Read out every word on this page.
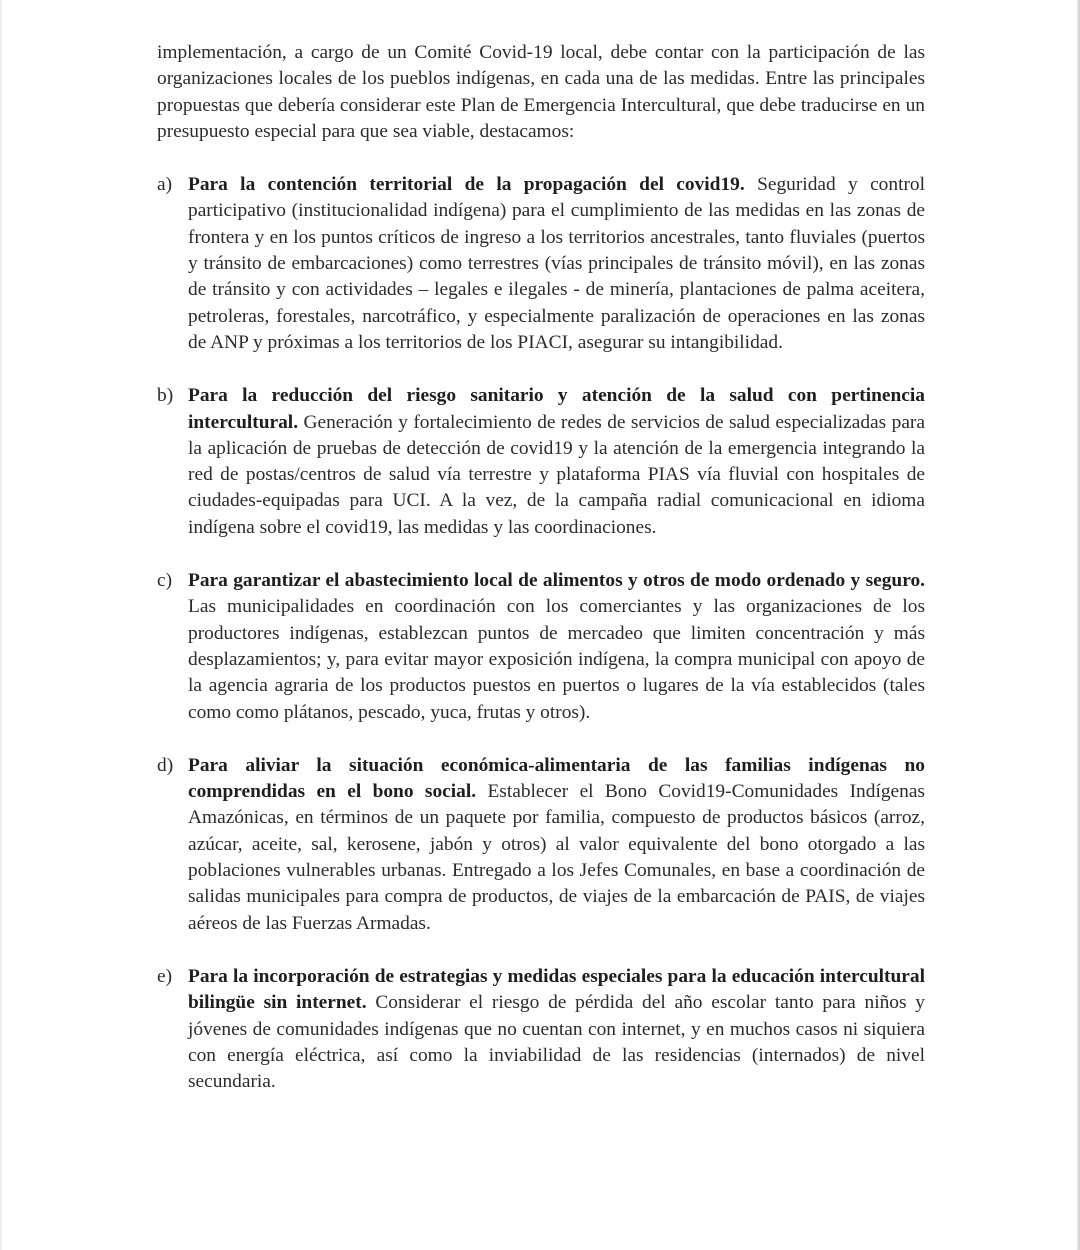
implementación, a cargo de un Comité Covid-19 local, debe contar con la participación de las organizaciones locales de los pueblos indígenas, en cada una de las medidas. Entre las principales propuestas que debería considerar este Plan de Emergencia Intercultural, que debe traducirse en un presupuesto especial para que sea viable, destacamos:

a) Para la contención territorial de la propagación del covid19. Seguridad y control participativo (institucionalidad indígena) para el cumplimiento de las medidas en las zonas de frontera y en los puntos críticos de ingreso a los territorios ancestrales, tanto fluviales (puertos y tránsito de embarcaciones) como terrestres (vías principales de tránsito móvil), en las zonas de tránsito y con actividades – legales e ilegales - de minería, plantaciones de palma aceitera, petroleras, forestales, narcotráfico, y especialmente paralización de operaciones en las zonas de ANP y próximas a los territorios de los PIACI, asegurar su intangibilidad.
b) Para la reducción del riesgo sanitario y atención de la salud con pertinencia intercultural. Generación y fortalecimiento de redes de servicios de salud especializadas para la aplicación de pruebas de detección de covid19 y la atención de la emergencia integrando la red de postas/centros de salud vía terrestre y plataforma PIAS vía fluvial con hospitales de ciudades-equipadas para UCI. A la vez, de la campaña radial comunicacional en idioma indígena sobre el covid19, las medidas y las coordinaciones.
c) Para garantizar el abastecimiento local de alimentos y otros de modo ordenado y seguro. Las municipalidades en coordinación con los comerciantes y las organizaciones de los productores indígenas, establezcan puntos de mercadeo que limiten concentración y más desplazamientos; y, para evitar mayor exposición indígena, la compra municipal con apoyo de la agencia agraria de los productos puestos en puertos o lugares de la vía establecidos (tales como como plátanos, pescado, yuca, frutas y otros).
d) Para aliviar la situación económica-alimentaria de las familias indígenas no comprendidas en el bono social. Establecer el Bono Covid19-Comunidades Indígenas Amazónicas, en términos de un paquete por familia, compuesto de productos básicos (arroz, azúcar, aceite, sal, kerosene, jabón y otros) al valor equivalente del bono otorgado a las poblaciones vulnerables urbanas. Entregado a los Jefes Comunales, en base a coordinación de salidas municipales para compra de productos, de viajes de la embarcación de PAIS, de viajes aéreos de las Fuerzas Armadas.
e) Para la incorporación de estrategias y medidas especiales para la educación intercultural bilingüe sin internet. Considerar el riesgo de pérdida del año escolar tanto para niños y jóvenes de comunidades indígenas que no cuentan con internet, y en muchos casos ni siquiera con energía eléctrica, así como la inviabilidad de las residencias (internados) de nivel secundaria.
